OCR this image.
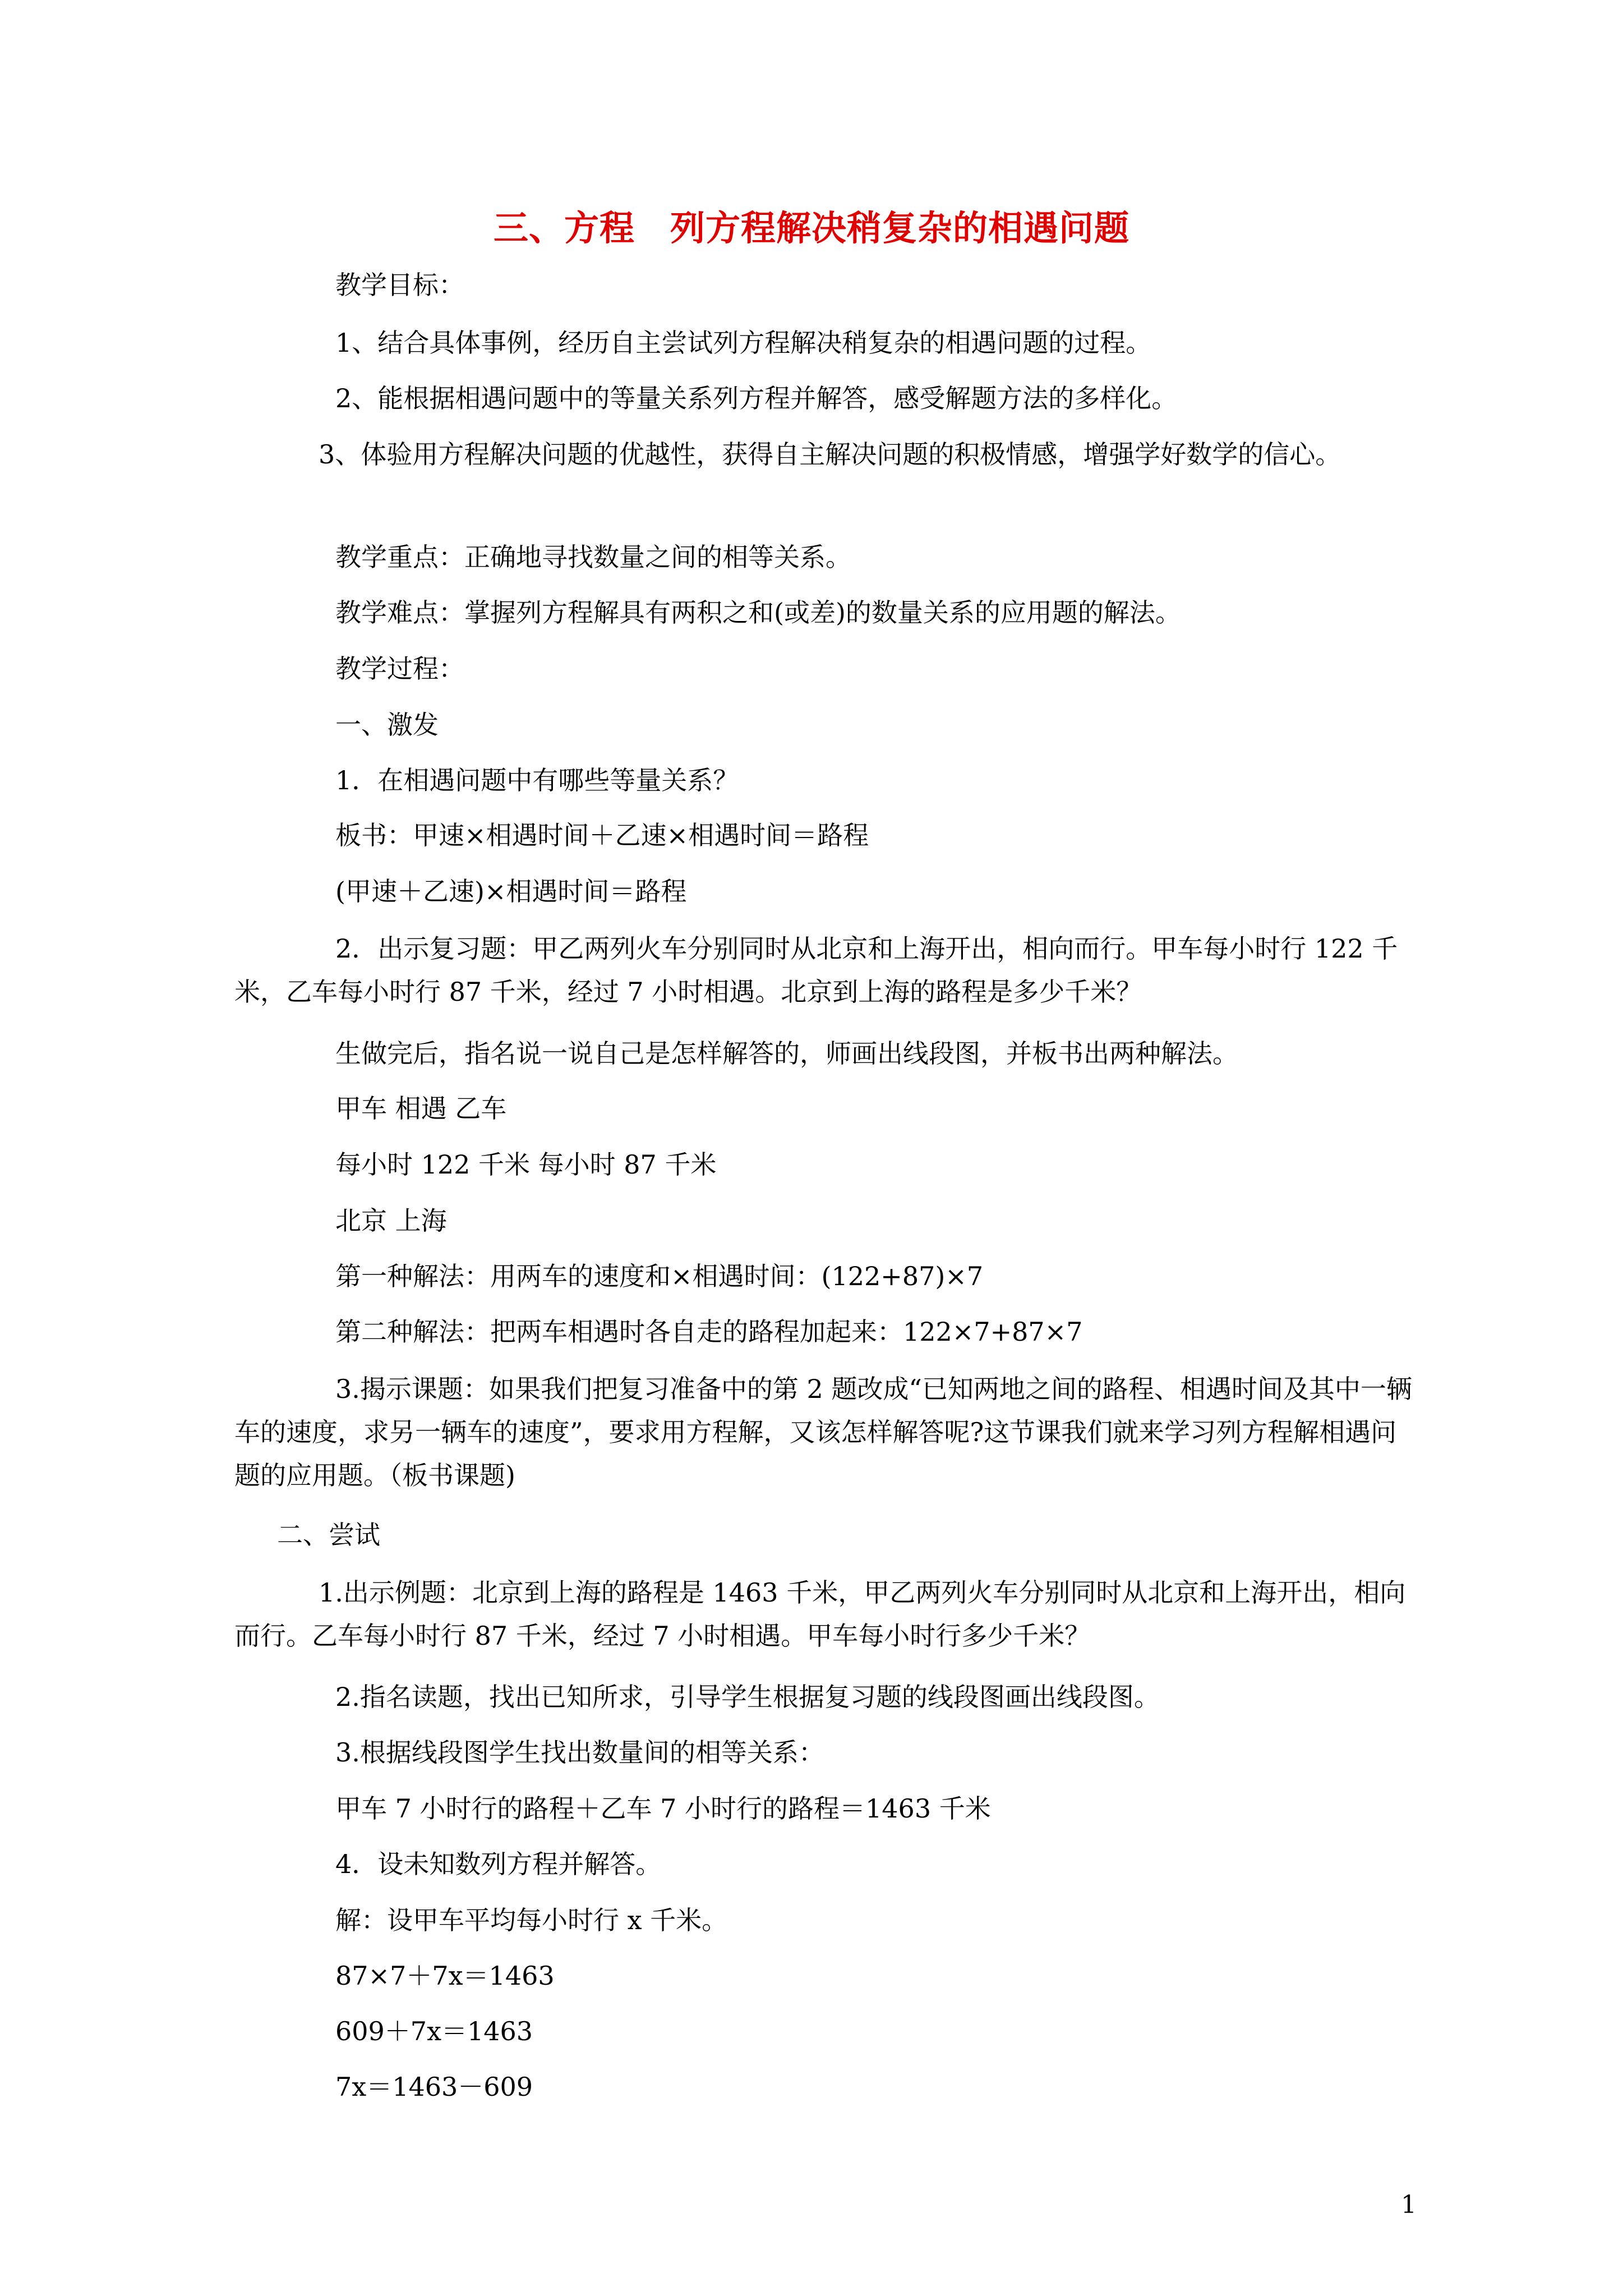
三、方程　列方程解决稍复杂的相遇问题
教学目标：
1、结合具体事例，经历自主尝试列方程解决稍复杂的相遇问题的过程。
2、能根据相遇问题中的等量关系列方程并解答，感受解题方法的多样化。
3、体验用方程解决问题的优越性，获得自主解决问题的积极情感，增强学好数学的信心。
教学重点：正确地寻找数量之间的相等关系。
教学难点：掌握列方程解具有两积之和(或差)的数量关系的应用题的解法。
教学过程：
一、激发
1．在相遇问题中有哪些等量关系？
板书：甲速×相遇时间＋乙速×相遇时间＝路程
(甲速＋乙速)×相遇时间＝路程
2．出示复习题：甲乙两列火车分别同时从北京和上海开出，相向而行。甲车每小时行 122 千米，乙车每小时行 87 千米，经过 7 小时相遇。北京到上海的路程是多少千米？
生做完后，指名说一说自己是怎样解答的，师画出线段图，并板书出两种解法。
甲车 相遇 乙车
每小时 122 千米 每小时 87 千米
北京 上海
第一种解法：用两车的速度和×相遇时间：(122+87)×7
第二种解法：把两车相遇时各自走的路程加起来：122×7+87×7
3.揭示课题：如果我们把复习准备中的第 2 题改成“已知两地之间的路程、相遇时间及其中一辆车的速度，求另一辆车的速度”，要求用方程解，又该怎样解答呢?这节课我们就来学习列方程解相遇问题的应用题。（板书课题)
二、尝试
1.出示例题：北京到上海的路程是 1463 千米，甲乙两列火车分别同时从北京和上海开出，相向而行。乙车每小时行 87 千米，经过 7 小时相遇。甲车每小时行多少千米？
2.指名读题，找出已知所求，引导学生根据复习题的线段图画出线段图。
3.根据线段图学生找出数量间的相等关系：
甲车 7 小时行的路程＋乙车 7 小时行的路程＝1463 千米
4．设未知数列方程并解答。
解：设甲车平均每小时行 x 千米。
87×7＋7x＝1463
609＋7x＝1463
7x＝1463－609
1
